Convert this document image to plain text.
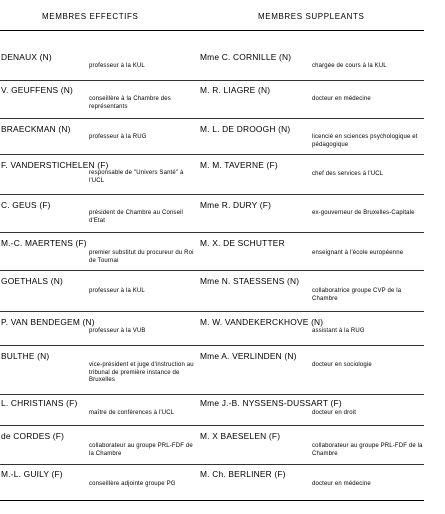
MEMBRES EFFECTIFS	MEMBRES SUPPLEANTS
DENAUX (N)
professeur à la KUL
Mme C. CORNILLE (N)
chargée de cours à la KUL
V. GEUFFENS (N)
conseillère à la Chambre des représentants
M. R. LIAGRE (N)
docteur en médecine
BRAECKMAN (N)
professeur à la RUG
M. L. DE DROOGH (N)
licencié en sciences psychologique et pédagogique
F. VANDERSTICHELEN (F)
responsable de "Univers Santé" à l'UCL
M. M. TAVERNE (F)
chef des services à l'UCL
C. GEUS (F)
président de Chambre au Conseil d'Etat
Mme R. DURY (F)
ex-gouverneur de Bruxelles-Capitale
M.-C. MAERTENS (F)
premier substitut du procureur du Roi de Tournai
M. X. DE SCHUTTER
enseignant à l'école européenne
GOETHALS (N)
professeur à la KUL
Mme N. STAESSENS (N)
collaboratrice groupe CVP de la Chambre
P. VAN BENDEGEM (N)
professeur à la VUB
M. W. VANDEKERCKHOVE (N)
assistant à la RUG
BULTHE (N)
vice-président et juge d'instruction au tribunal de première instance de Bruxelles
Mme A. VERLINDEN (N)
docteur en sociologie
L. CHRISTIANS (F)
maître de conférences à l'UCL
Mme J.-B. NYSSENS-DUSSART (F)
docteur en droit
de CORDES (F)
collaborateur au groupe PRL-FDF de la Chambre
M. X BAESELEN (F)
collaborateur au groupe PRL-FDF de la Chambre
M.-L. GUILY (F)
conseillère adjointe groupe PG
M. Ch. BERLINER (F)
docteur en médecine
